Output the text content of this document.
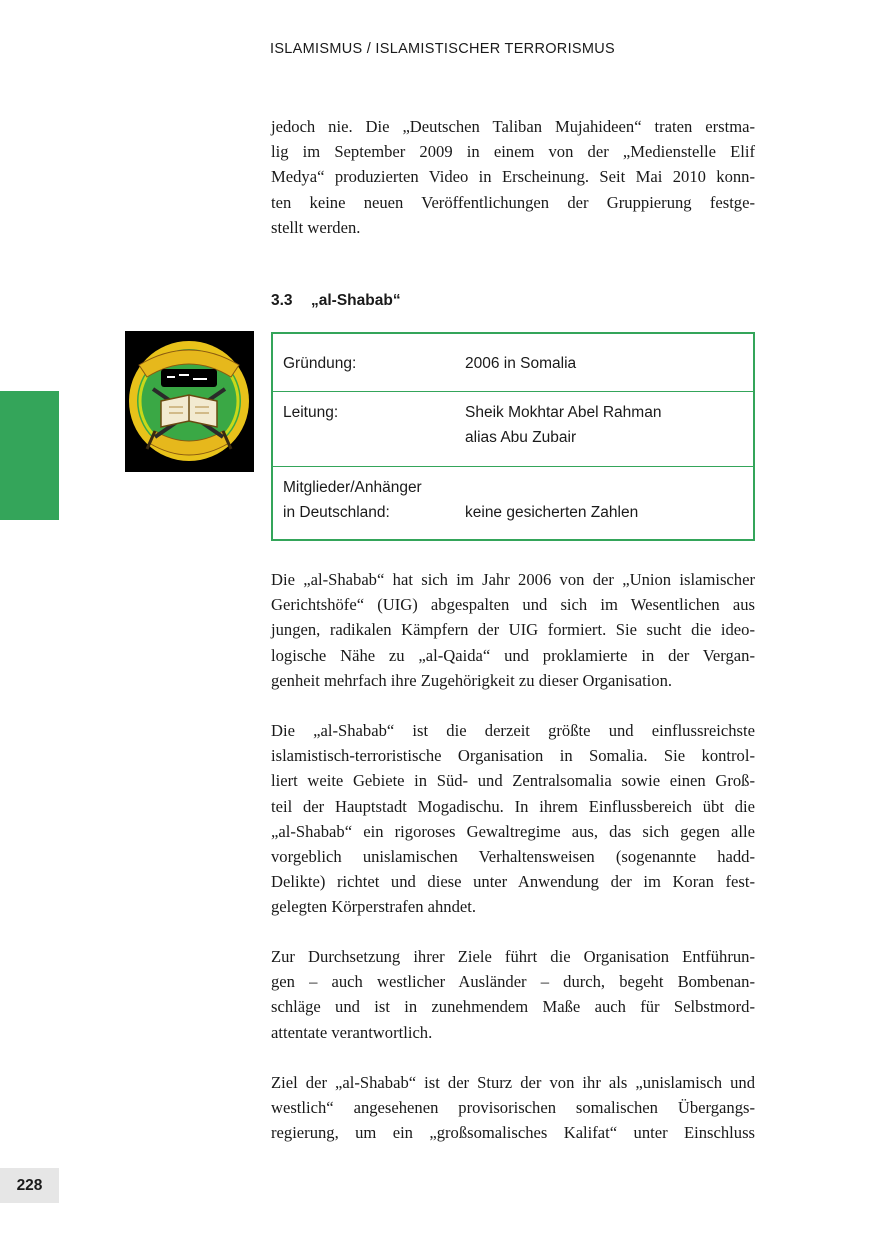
ISLAMISMUS / ISLAMISTISCHER TERRORISMUS

jedoch nie. Die „Deutschen Taliban Mujahideen“ traten erstma-
lig im September 2009 in einem von der „Medienstelle Elif
Medya“ produzierten Video in Erscheinung. Seit Mai 2010 konn-
ten keine neuen Veröffentlichungen der Gruppierung festge-
stellt werden.

3.3 „al-Shabab“
Gründung:	2006 in Somalia
Leitung:	Sheik Mokhtar Abel Rahman
alias Abu Zubair
Mitglieder/Anhänger
in Deutschland:	keine gesicherten Zahlen

Die „al-Shabab“ hat sich im Jahr 2006 von der „Union islamischer
Gerichtshöfe“ (UIG) abgespalten und sich im Wesentlichen aus
jungen, radikalen Kämpfern der UIG formiert. Sie sucht die ideo-
logische Nähe zu „al-Qaida“ und proklamierte in der Vergan-
genheit mehrfach ihre Zugehörigkeit zu dieser Organisation.

Die „al-Shabab“ ist die derzeit größte und einflussreichste
islamistisch-terroristische Organisation in Somalia. Sie kontrol-
liert weite Gebiete in Süd- und Zentralsomalia sowie einen Groß-
teil der Hauptstadt Mogadischu. In ihrem Einflussbereich übt die
„al-Shabab“ ein rigoroses Gewaltregime aus, das sich gegen alle
vorgeblich unislamischen Verhaltensweisen (sogenannte hadd-
Delikte) richtet und diese unter Anwendung der im Koran fest-
gelegten Körperstrafen ahndet.

Zur Durchsetzung ihrer Ziele führt die Organisation Entführun-
gen – auch westlicher Ausländer – durch, begeht Bombenan-
schläge und ist in zunehmendem Maße auch für Selbstmord-
attentate verantwortlich.

Ziel der „al-Shabab“ ist der Sturz der von ihr als „unislamisch und
westlich“ angesehenen provisorischen somalischen Übergangs-
regierung, um ein „großsomalisches Kalifat“ unter Einschluss

228
